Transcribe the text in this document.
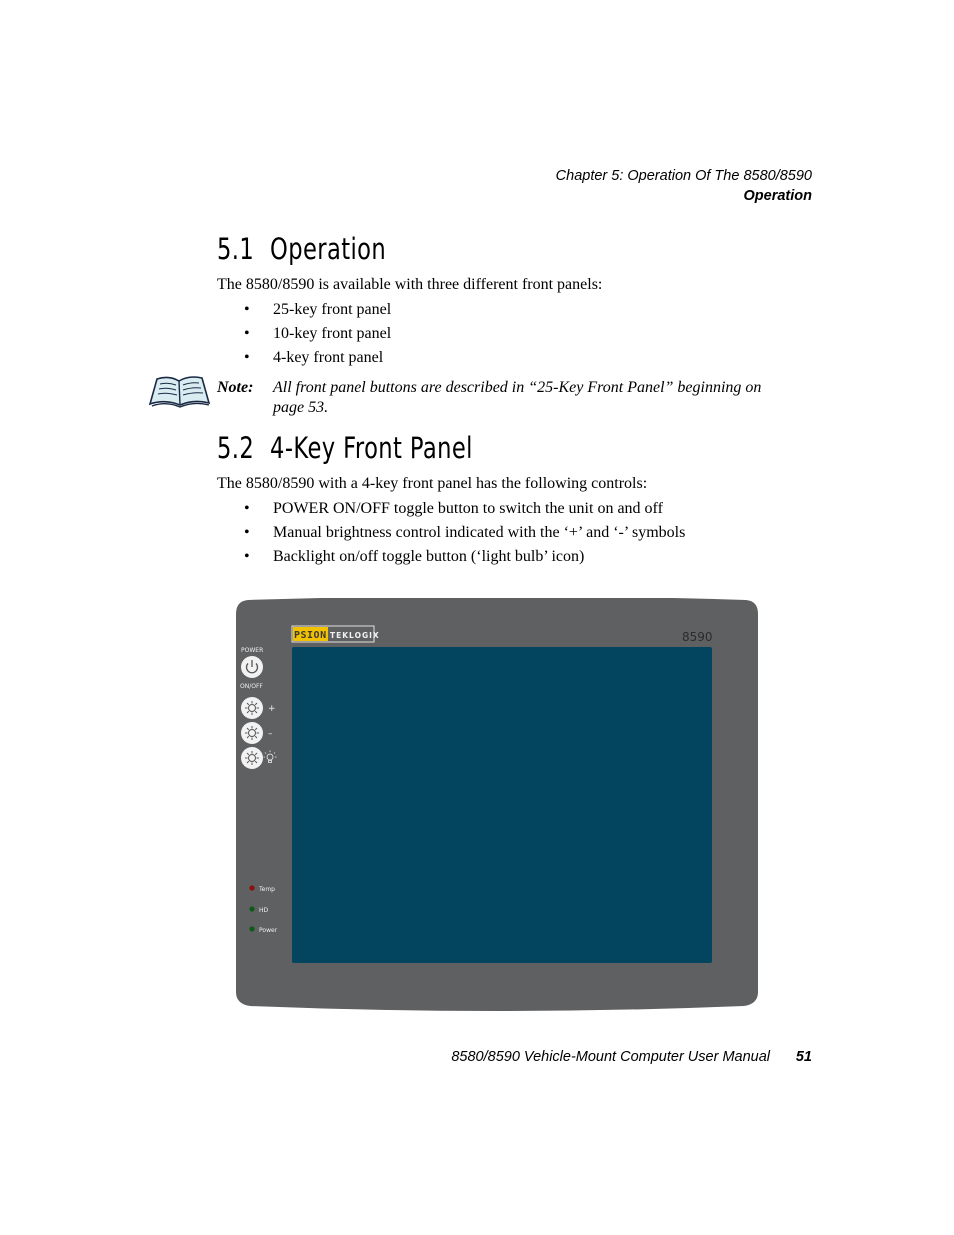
Chapter 5: Operation Of The 8580/8590
Operation
5.1 Operation

The 8580/8590 is available with three different front panels:

• 25-key front panel
• 10-key front panel
• 4-key front panel
Note: All front panel buttons are described in “25-Key Front Panel” beginning on page 53.
5.2 4-Key Front Panel

The 8580/8590 with a 4-key front panel has the following controls:

• POWER ON/OFF toggle button to switch the unit on and off
• Manual brightness control indicated with the ‘+’ and ‘-’ symbols
• Backlight on/off toggle button (‘light bulb’ icon)
PSION TEKLOGIX	8590
POWER
ON/OFF
+
–
Temp
HD
Power
8580/8590 Vehicle-Mount Computer User Manual 51
